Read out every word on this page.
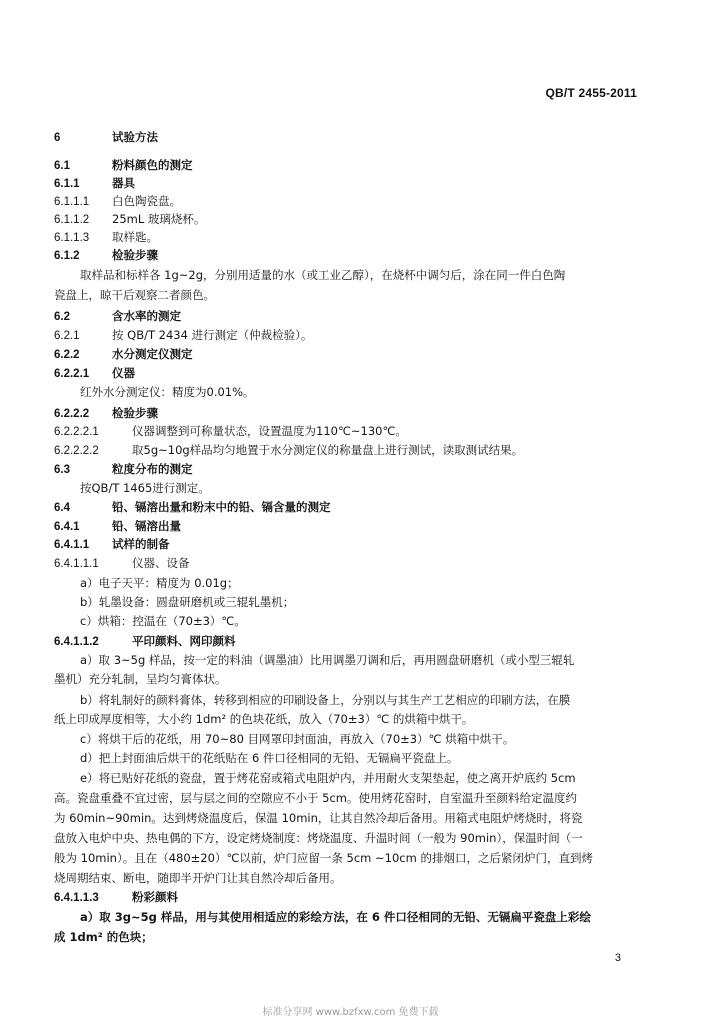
QB/T 2455-2011
6	试验方法
6.1	粉料颜色的测定
6.1.1	器具
6.1.1.1 白色陶瓷盘。
6.1.1.2 25mL 玻璃烧杯。
6.1.1.3 取样匙。
6.1.2	检验步骤
取样品和标样各 1g~2g，分别用适量的水（或工业乙醇），在烧杯中调匀后，涂在同一件白色陶
瓷盘上，晾干后观察二者颜色。
6.2	含水率的测定
6.2.1	按 QB/T 2434 进行测定（仲裁检验）。
6.2.2	水分测定仪测定
6.2.2.1 仪器
红外水分测定仪：精度为0.01%。
6.2.2.2 检验步骤
6.2.2.2.1	仪器调整到可称量状态，设置温度为110℃~130℃。
6.2.2.2.2	取5g~10g样品均匀地置于水分测定仪的称量盘上进行测试，读取测试结果。
6.3	粒度分布的测定
按QB/T 1465进行测定。
6.4	铅、镉溶出量和粉末中的铅、镉含量的测定
6.4.1	铅、镉溶出量
6.4.1.1 试样的制备
6.4.1.1.1	仪器、设备
a）电子天平：精度为 0.01g；
b）轧墨设备：圆盘研磨机或三辊轧墨机；
c）烘箱：控温在（70±3）℃。
6.4.1.1.2	平印颜料、网印颜料
a）取 3~5g 样品，按一定的料油（调墨油）比用调墨刀调和后，再用圆盘研磨机（或小型三辊轧
墨机）充分轧制，呈均匀膏体状。
b）将轧制好的颜料膏体，转移到相应的印刷设备上，分别以与其生产工艺相应的印刷方法，在膜
纸上印成厚度相等，大小约 1dm² 的色块花纸，放入（70±3）℃ 的烘箱中烘干。
c）将烘干后的花纸，用 70~80 目网罩印封面油，再放入（70±3）℃ 烘箱中烘干。
d）把上封面油后烘干的花纸贴在 6 件口径相同的无铅、无镉扁平瓷盘上。
e）将已贴好花纸的瓷盘，置于烤花窑或箱式电阻炉内，并用耐火支架垫起，使之离开炉底约 5cm
高。瓷盘重叠不宜过密，层与层之间的空隙应不小于 5cm。使用烤花窑时，自室温升至颜料给定温度约
为 60min~90min。达到烤烧温度后，保温 10min，让其自然冷却后备用。用箱式电阻炉烤烧时，将瓷
盘放入电炉中央、热电偶的下方，设定烤烧制度：烤烧温度、升温时间（一般为 90min），保温时间（一
般为 10min）。且在（480±20）℃以前，炉门应留一条 5cm ~10cm 的排烟口，之后紧闭炉门，直到烤
烧周期结束、断电，随即半开炉门让其自然冷却后备用。
6.4.1.1.3	粉彩颜料
a）取 3g~5g 样品，用与其使用相适应的彩绘方法，在 6 件口径相同的无铅、无镉扁平瓷盘上彩绘
成 1dm² 的色块；
3
标准分享网 www.bzfxw.com 免费下载
